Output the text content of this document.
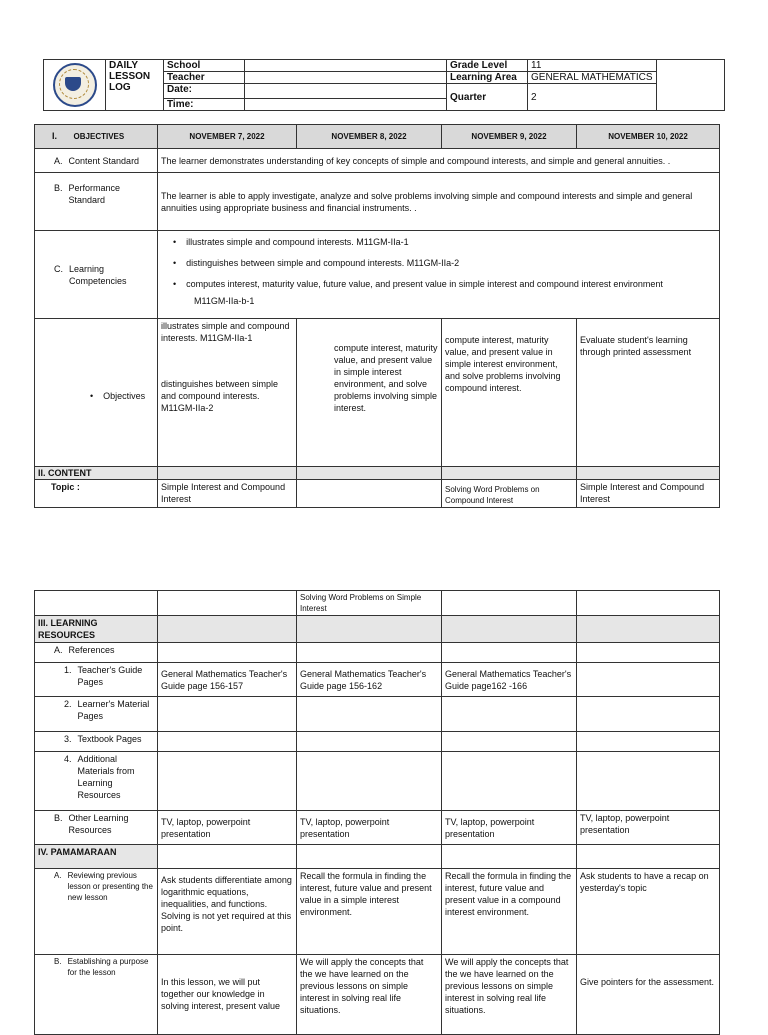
	DAILY
LESSON
LOG	School		Grade Level	11	
		Teacher		Learning Area	GENERAL MATHEMATICS	
		Date:		Quarter	2	
		Time:				
I. OBJECTIVES	NOVEMBER 7, 2022	NOVEMBER 8, 2022	NOVEMBER 9, 2022	NOVEMBER 10, 2022

A. Content Standard	The learner demonstrates understanding of key concepts of simple and compound interests, and simple and general annuities. .			

B. Performance Standard	The learner is able to apply investigate, analyze and solve problems involving simple and compound interests and simple and general annuities using appropriate business and financial instruments. .			

C. Learning Competencies	• illustrates simple and compound interests. M11GM-IIa-1
• distinguishes between simple and compound interests. M11GM-IIa-2
• computes interest, maturity value, future value, and present value in simple interest and compound interest environment
M11GM-IIa-b-1

• Objectives	illustrates simple and compound interests. M11GM-IIa-1
distinguishes between simple and compound interests. M11GM-IIa-2	compute interest, maturity value, and present value in simple interest environment, and solve problems involving simple interest.	compute interest, maturity value, and present value in simple interest environment, and solve problems involving compound interest.	Evaluate student's learning through printed assessment

II. CONTENT				
Topic :	Simple Interest and Compound Interest		Solving Word Problems on Compound Interest	Simple Interest and Compound Interest
		Solving Word Problems on Simple Interest		
III. LEARNING RESOURCES				

A. References				

1. Teacher's Guide Pages	General Mathematics Teacher's Guide page 156-157	General Mathematics Teacher's Guide page 156-162	General Mathematics Teacher's Guide page162 -166	

2. Learner's Material Pages				

3. Textbook Pages				

4. Additional Materials from Learning Resources				

B. Other Learning Resources	TV, laptop, powerpoint presentation	TV, laptop, powerpoint presentation	TV, laptop, powerpoint presentation	TV, laptop, powerpoint presentation
IV. PAMAMARAAN				

A. Reviewing previous lesson or presenting the new lesson	Ask students differentiate among logarithmic equations, inequalities, and functions. Solving is not yet required at this point.	Recall the formula in finding the interest, future value and present value in a simple interest environment.	Recall the formula in finding the interest, future value and present value in a compound interest environment.	Ask students to have a recap on yesterday's topic

B. Establishing a purpose for the lesson	In this lesson, we will put together our knowledge in solving interest, present value	We will apply the concepts that the we have learned on the previous lessons on simple interest in solving real life situations.	We will apply the concepts that the we have learned on the previous lessons on simple interest in solving real life situations.	Give pointers for the assessment.
